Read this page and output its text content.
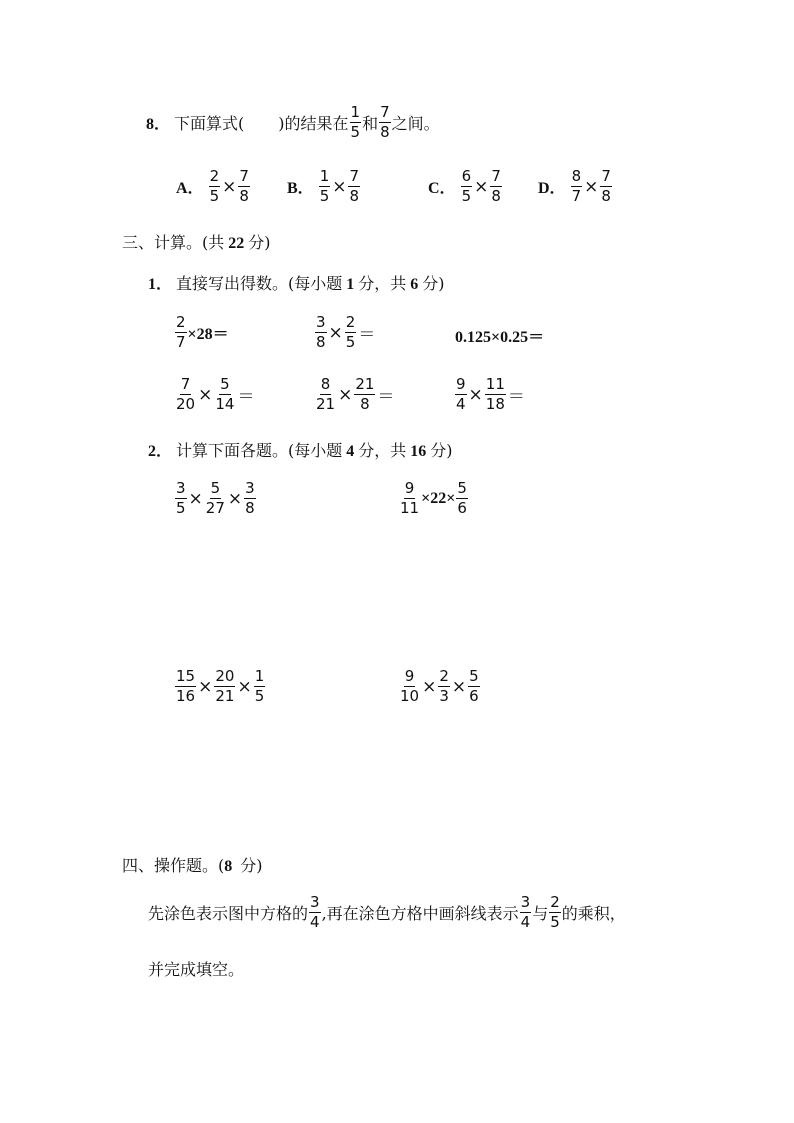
8． 下面算式( )的结果在 $\frac{1}{5}$ 和 $\frac{7}{8}$ 之间。
A． $\frac{2}{5} \times \frac{7}{8}$ B． $\frac{1}{5} \times \frac{7}{8}$	C． $\frac{6}{5} \times \frac{7}{8}$ D． $\frac{8}{7} \times \frac{7}{8}$
三、计算。(共 22 分)
1． 直接写出得数。(每小题 1 分，共 6 分)
$\frac{2}{7} \times 28=$	$\frac{3}{8} \times \frac{2}{5}$ ＝	0.125×0.25＝
$\frac{7}{20} \times \frac{5}{14}$ ＝	$\frac{8}{21} \times \frac{21}{8}$ ＝	$\frac{9}{4} \times \frac{11}{18}$ ＝
2． 计算下面各题。(每小题 4 分，共 16 分)
$\frac{3}{5} \times \frac{5}{27} \times \frac{3}{8}$	$\frac{9}{11} \times 22\times \frac{5}{6}$
$\frac{15}{16} \times \frac{20}{21} \times \frac{1}{5}$	$\frac{9}{10} \times \frac{2}{3} \times \frac{5}{6}$
四、操作题。(8 分)
先涂色表示图中方格的 $\frac{3}{4}$ ,再在涂色方格中画斜线表示 $\frac{3}{4}$ 与 $\frac{2}{5}$ 的乘积，
并完成填空。
